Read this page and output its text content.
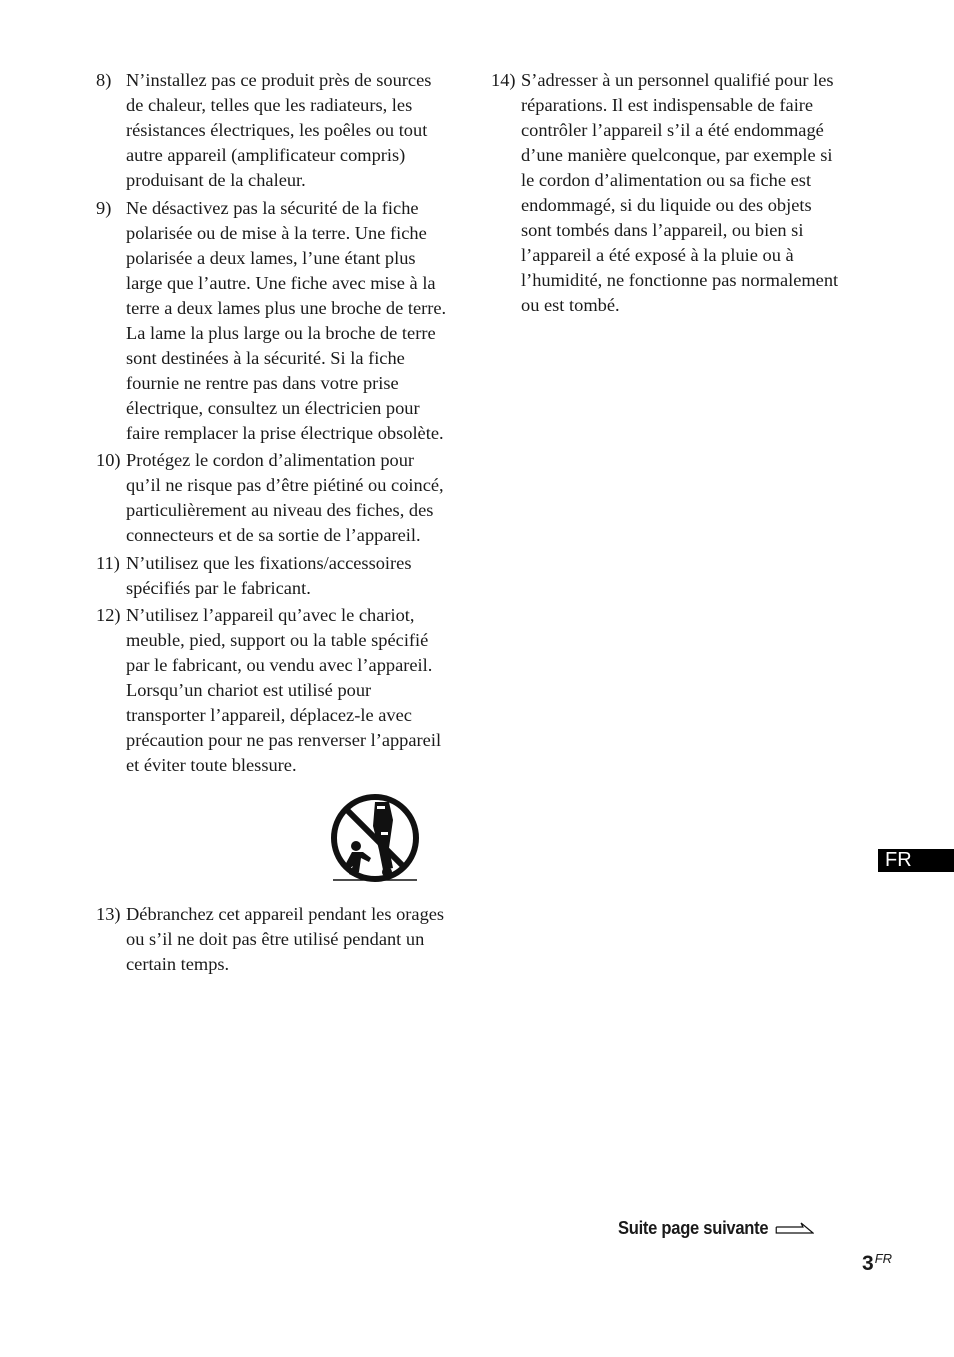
8) N’installez pas ce produit près de sources de chaleur, telles que les radiateurs, les résistances électriques, les poêles ou tout autre appareil (amplificateur compris) produisant de la chaleur.
9) Ne désactivez pas la sécurité de la fiche polarisée ou de mise à la terre. Une fiche polarisée a deux lames, l’une étant plus large que l’autre. Une fiche avec mise à la terre a deux lames plus une broche de terre. La lame la plus large ou la broche de terre sont destinées à la sécurité. Si la fiche fournie ne rentre pas dans votre prise électrique, consultez un électricien pour faire remplacer la prise électrique obsolète.
10) Protégez le cordon d’alimentation pour qu’il ne risque pas d’être piétiné ou coincé, particulièrement au niveau des fiches, des connecteurs et de sa sortie de l’appareil.
11) N’utilisez que les fixations/accessoires spécifiés par le fabricant.
12) N’utilisez l’appareil qu’avec le chariot, meuble, pied, support ou la table spécifié par le fabricant, ou vendu avec l’appareil. Lorsqu’un chariot est utilisé pour transporter l’appareil, déplacez-le avec précaution pour ne pas renverser l’appareil et éviter toute blessure.
13) Débranchez cet appareil pendant les orages ou s’il ne doit pas être utilisé pendant un certain temps.
14) S’adresser à un personnel qualifié pour les réparations. Il est indispensable de faire contrôler l’appareil s’il a été endommagé d’une manière quelconque, par exemple si le cordon d’alimentation ou sa fiche est endommagé, si du liquide ou des objets sont tombés dans l’appareil, ou bien si l’appareil a été exposé à la pluie ou à l’humidité, ne fonctionne pas normalement ou est tombé.
FR
Suite page suivante
$3^{FR}$
